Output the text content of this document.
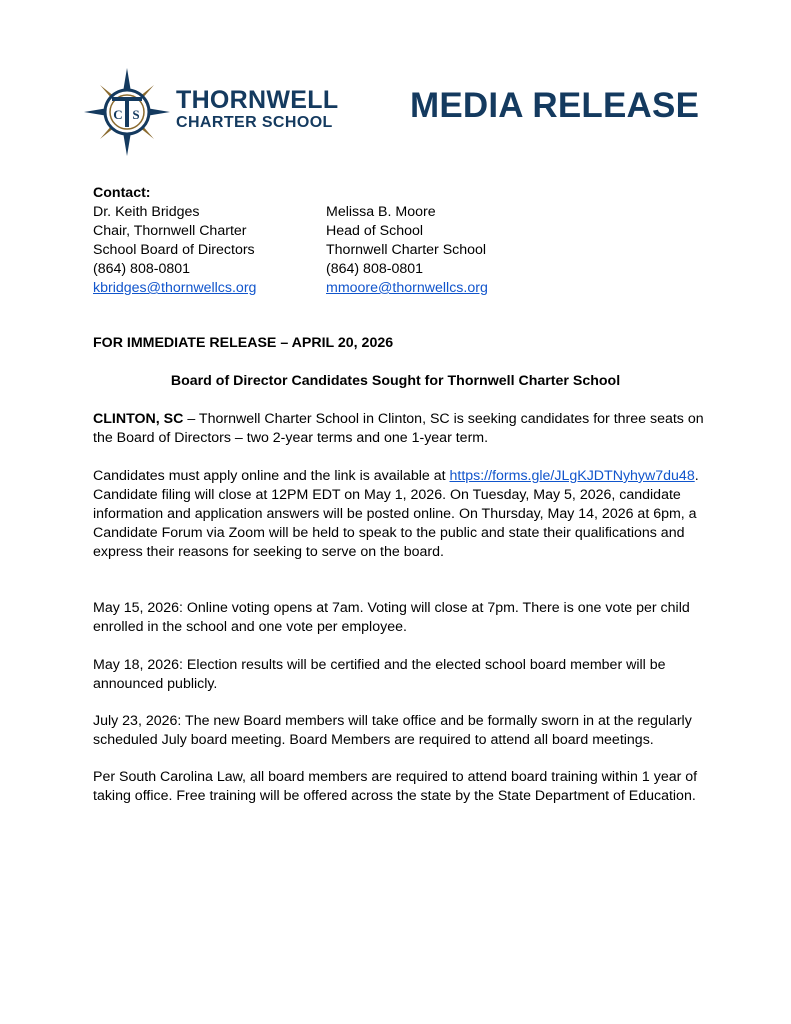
C S
THORNWELL
CHARTER SCHOOL MEDIA RELEASE
Contact:
Dr. Keith Bridges
Chair, Thornwell Charter
School Board of Directors
(864) 808-0801
kbridges@thornwellcs.org
Melissa B. Moore
Head of School
Thornwell Charter School
(864) 808-0801
mmoore@thornwellcs.org
FOR IMMEDIATE RELEASE – APRIL 20, 2026
Board of Director Candidates Sought for Thornwell Charter School
CLINTON, SC – Thornwell Charter School in Clinton, SC is seeking candidates for three seats on the Board of Directors – two 2-year terms and one 1-year term.
Candidates must apply online and the link is available at https://forms.gle/JLgKJDTNyhyw7du48. Candidate filing will close at 12PM EDT on May 1, 2026. On Tuesday, May 5, 2026, candidate information and application answers will be posted online. On Thursday, May 14, 2026 at 6pm, a Candidate Forum via Zoom will be held to speak to the public and state their qualifications and express their reasons for seeking to serve on the board.
May 15, 2026: Online voting opens at 7am. Voting will close at 7pm. There is one vote per child enrolled in the school and one vote per employee.
May 18, 2026: Election results will be certified and the elected school board member will be announced publicly.
July 23, 2026: The new Board members will take office and be formally sworn in at the regularly scheduled July board meeting. Board Members are required to attend all board meetings.
Per South Carolina Law, all board members are required to attend board training within 1 year of taking office. Free training will be offered across the state by the State Department of Education.
